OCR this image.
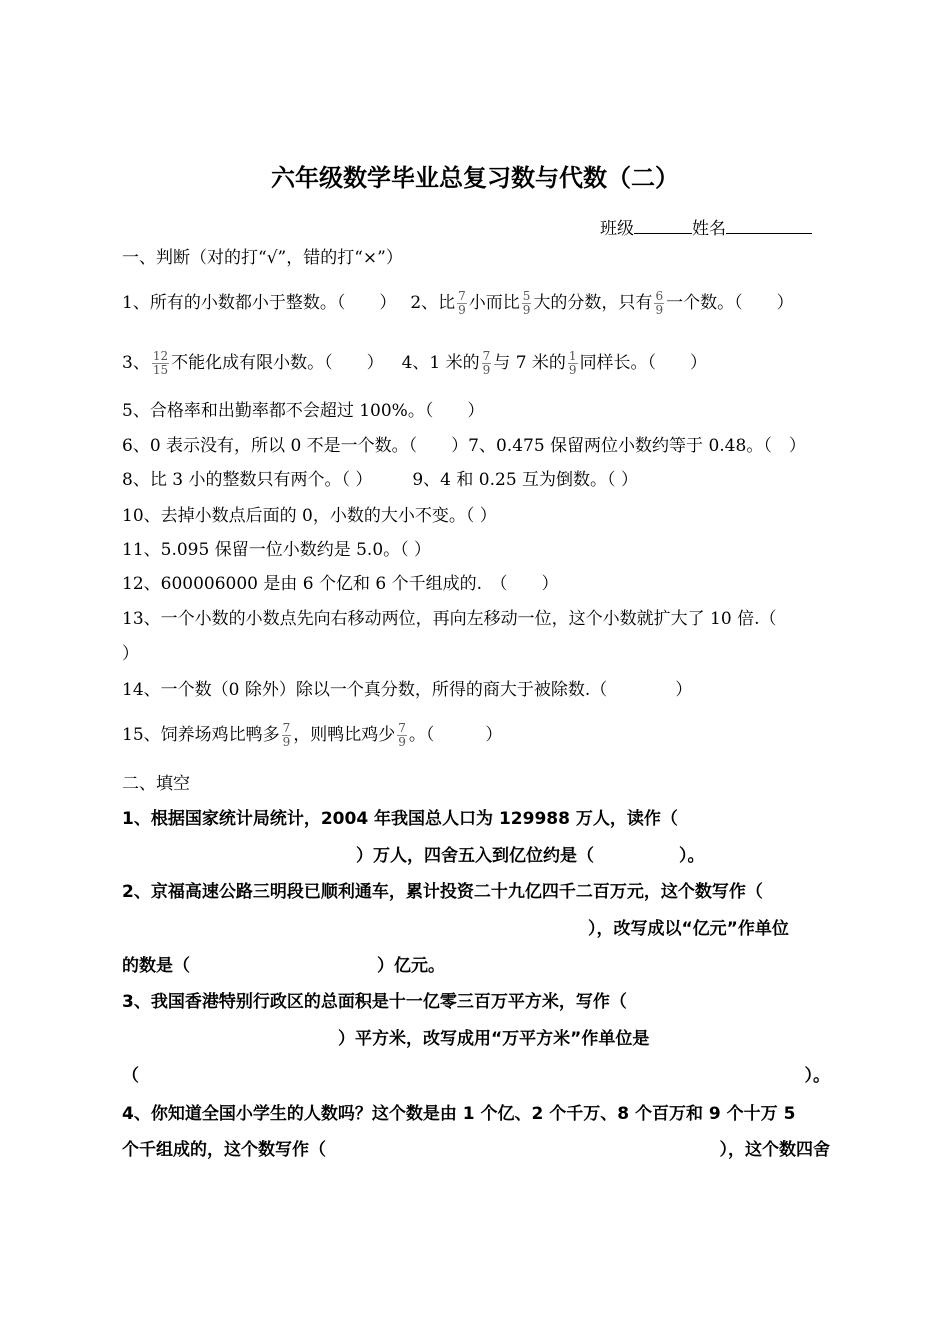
六年级数学毕业总复习数与代数（二）
班级	姓名
一、判断（对的打“√”，错的打“×”）
1、所有的小数都小于整数。（　　） 2、比 $\frac{7}{9}$ 小而比 $\frac{5}{9}$ 大的分数，只有 $\frac{6}{9}$ 一个数。（　　）
3、 $\frac{12}{15}$ 不能化成有限小数。（　　） 4、1 米的 $\frac{7}{9}$ 与 7 米的 $\frac{1}{9}$ 同样长。（　　）
5、合格率和出勤率都不会超过 100%。（　　）
6、0 表示没有，所以 0 不是一个数。（　　）7、0.475 保留两位小数约等于 0.48。（　）
8、比 3 小的整数只有两个。（ ） 9、4 和 0.25 互为倒数。（ ）
10、去掉小数点后面的 0，小数的大小不变。（ ）
11、5.095 保留一位小数约是 5.0。（ ）
12、600006000 是由 6 个亿和 6 个千组成的.　（　　）
13、一个小数的小数点先向右移动两位，再向左移动一位，这个小数就扩大了 10 倍.（
）
14、一个数（0 除外）除以一个真分数，所得的商大于被除数.（　　　　）
15、饲养场鸡比鸭多 $\frac{7}{9}$ ，则鸭比鸡少 $\frac{7}{9}$ 。（　　　）
二、填空
1、根据国家统计局统计，2004 年我国总人口为 129988 万人，读作（
）万人，四舍五入到亿位约是（　　　　　）。
2、京福高速公路三明段已顺利通车，累计投资二十九亿四千二百万元，这个数写作（
），改写成以“亿元”作单位
的数是（　　　　　　　　　　　）亿元。
3、我国香港特别行政区的总面积是十一亿零三百万平方米，写作（
）平方米，改写成用“万平方米”作单位是
（	）。
4、你知道全国小学生的人数吗？这个数是由 1 个亿、2 个千万、8 个百万和 9 个十万 5
个千组成的，这个数写作（	），这个数四舍
